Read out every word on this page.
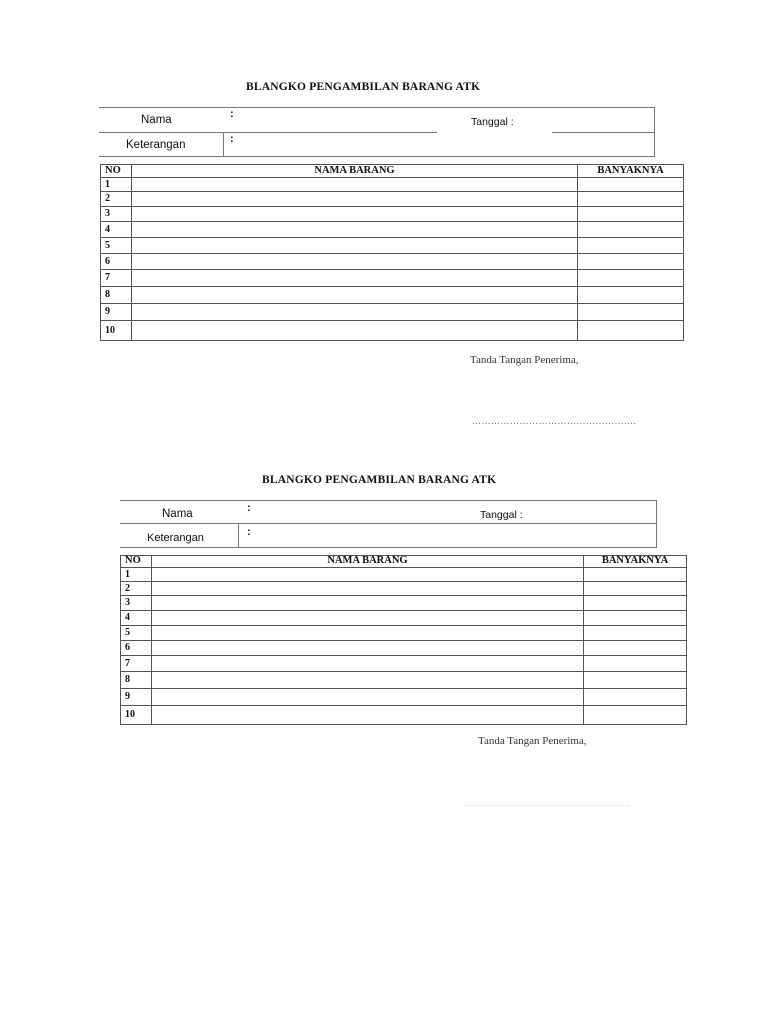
BLANGKO PENGAMBILAN BARANG ATK
Nama	:
Tanggal :
Keterangan	:
NO	NAMA BARANG	BANYAKNYA
1		
2		
3		
4		
5		
6		
7		
8		
9		
10		
Tanda Tangan Penerima,
…………………………………………….
BLANGKO PENGAMBILAN BARANG ATK
Nama	:
Tanggal :
Keterangan	:
NO	NAMA BARANG	BANYAKNYA
1		
2		
3		
4		
5		
6		
7		
8		
9		
10		
Tanda Tangan Penerima,
